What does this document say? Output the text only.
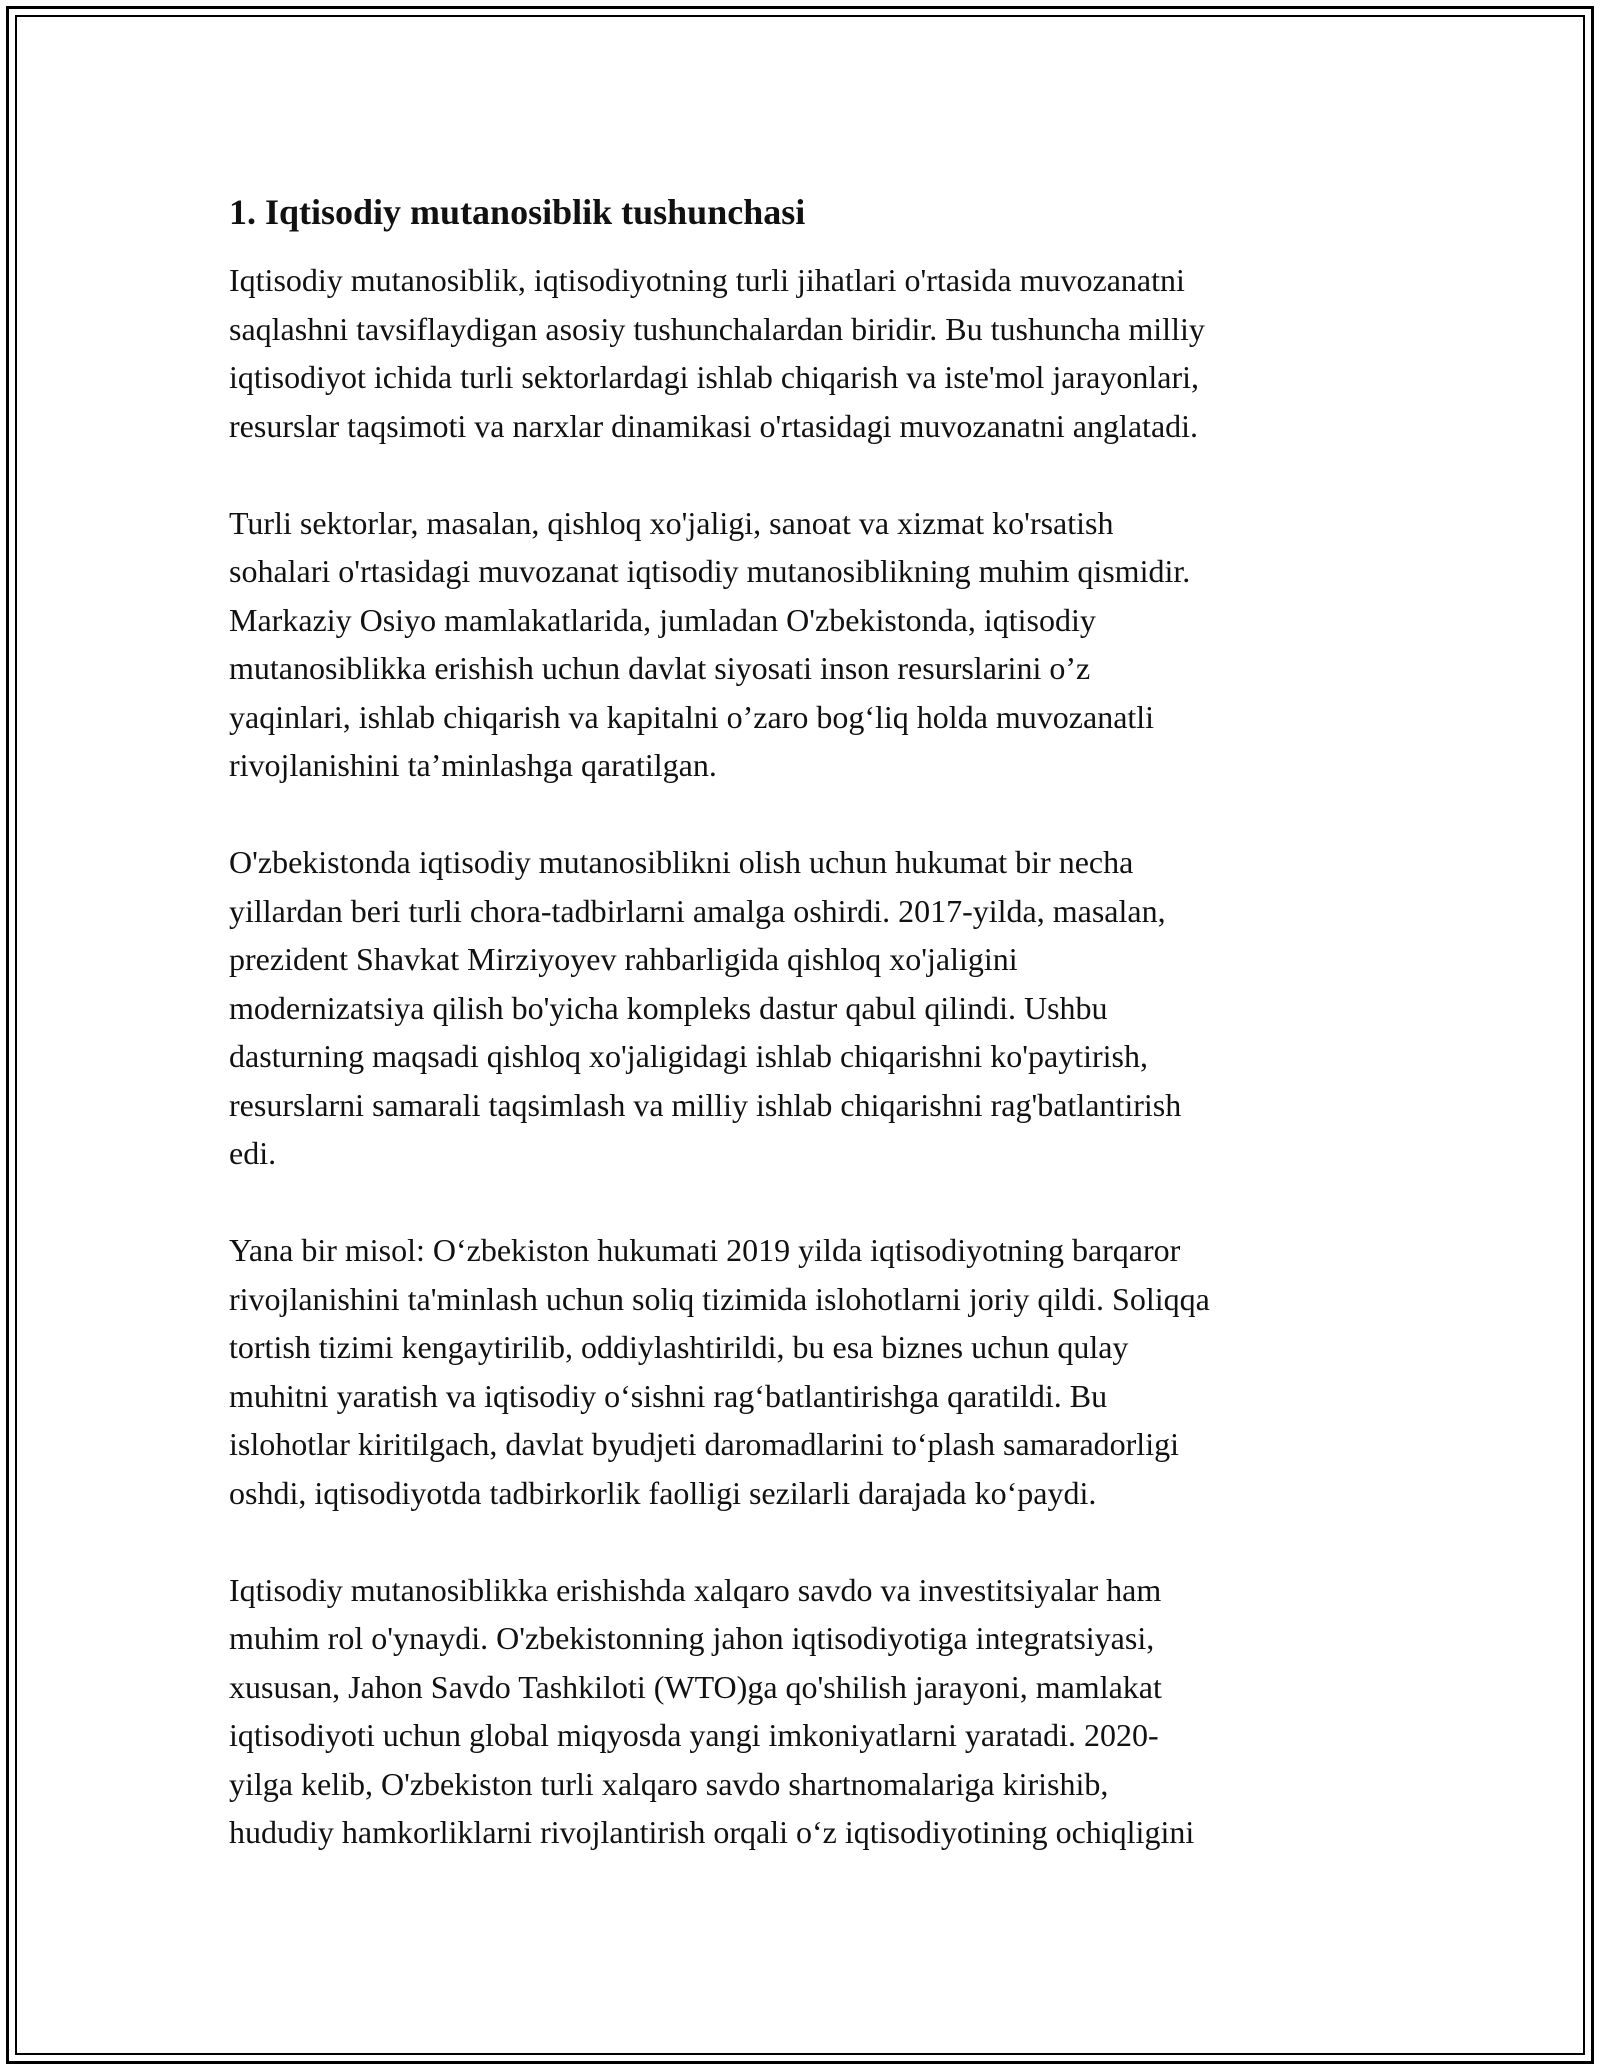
1. Iqtisodiy mutanosiblik tushunchasi

Iqtisodiy mutanosiblik, iqtisodiyotning turli jihatlari o'rtasida muvozanatni
saqlashni tavsiflaydigan asosiy tushunchalardan biridir. Bu tushuncha milliy
iqtisodiyot ichida turli sektorlardagi ishlab chiqarish va iste'mol jarayonlari,
resurslar taqsimoti va narxlar dinamikasi o'rtasidagi muvozanatni anglatadi.

Turli sektorlar, masalan, qishloq xo'jaligi, sanoat va xizmat ko'rsatish
sohalari o'rtasidagi muvozanat iqtisodiy mutanosiblikning muhim qismidir.
Markaziy Osiyo mamlakatlarida, jumladan O'zbekistonda, iqtisodiy
mutanosiblikka erishish uchun davlat siyosati inson resurslarini o’z
yaqinlari, ishlab chiqarish va kapitalni o’zaro bog‘liq holda muvozanatli
rivojlanishini ta’minlashga qaratilgan.

O'zbekistonda iqtisodiy mutanosiblikni olish uchun hukumat bir necha
yillardan beri turli chora-tadbirlarni amalga oshirdi. 2017-yilda, masalan,
prezident Shavkat Mirziyoyev rahbarligida qishloq xo'jaligini
modernizatsiya qilish bo'yicha kompleks dastur qabul qilindi. Ushbu
dasturning maqsadi qishloq xo'jaligidagi ishlab chiqarishni ko'paytirish,
resurslarni samarali taqsimlash va milliy ishlab chiqarishni rag'batlantirish
edi.

Yana bir misol: O‘zbekiston hukumati 2019 yilda iqtisodiyotning barqaror
rivojlanishini ta'minlash uchun soliq tizimida islohotlarni joriy qildi. Soliqqa
tortish tizimi kengaytirilib, oddiylashtirildi, bu esa biznes uchun qulay
muhitni yaratish va iqtisodiy o‘sishni rag‘batlantirishga qaratildi. Bu
islohotlar kiritilgach, davlat byudjeti daromadlarini to‘plash samaradorligi
oshdi, iqtisodiyotda tadbirkorlik faolligi sezilarli darajada ko‘paydi.

Iqtisodiy mutanosiblikka erishishda xalqaro savdo va investitsiyalar ham
muhim rol o'ynaydi. O'zbekistonning jahon iqtisodiyotiga integratsiyasi,
xususan, Jahon Savdo Tashkiloti (WTO)ga qo'shilish jarayoni, mamlakat
iqtisodiyoti uchun global miqyosda yangi imkoniyatlarni yaratadi. 2020-
yilga kelib, O'zbekiston turli xalqaro savdo shartnomalariga kirishib,
hududiy hamkorliklarni rivojlantirish orqali o‘z iqtisodiyotining ochiqligini
